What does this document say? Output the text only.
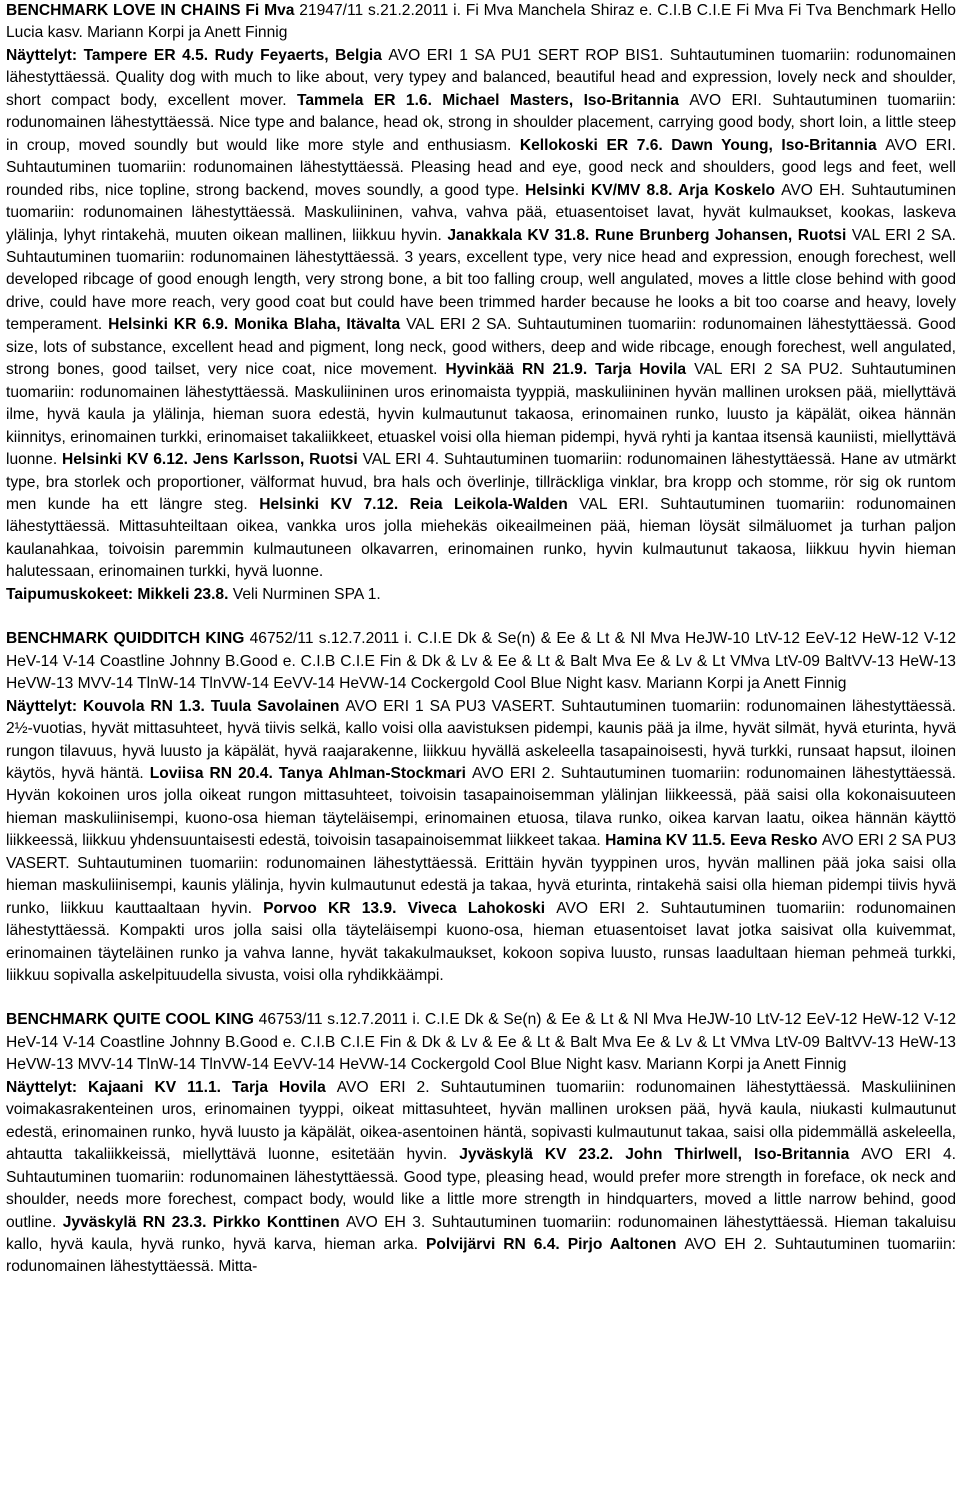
BENCHMARK LOVE IN CHAINS Fi Mva 21947/11 s.21.2.2011 i. Fi Mva Manchela Shiraz e. C.I.B C.I.E Fi Mva Fi Tva Benchmark Hello Lucia kasv. Mariann Korpi ja Anett Finnig

Näyttelyt: Tampere ER 4.5. Rudy Feyaerts, Belgia AVO ERI 1 SA PU1 SERT ROP BIS1. Suhtautuminen tuomariin: rodunomainen lähestyttäessä. Quality dog with much to like about, very typey and balanced, beautiful head and expression, lovely neck and shoulder, short compact body, excellent mover. Tammela ER 1.6. Michael Masters, Iso-Britannia AVO ERI. Suhtautuminen tuomariin: rodunomainen lähestyttäessä. Nice type and balance, head ok, strong in shoulder placement, carrying good body, short loin, a little steep in croup, moved soundly but would like more style and enthusiasm. Kellokoski ER 7.6. Dawn Young, Iso-Britannia AVO ERI. Suhtautuminen tuomariin: rodunomainen lähestyttäessä. Pleasing head and eye, good neck and shoulders, good legs and feet, well rounded ribs, nice topline, strong backend, moves soundly, a good type. Helsinki KV/MV 8.8. Arja Koskelo AVO EH. Suhtautuminen tuomariin: rodunomainen lähestyttäessä. Maskuliininen, vahva, vahva pää, etuasentoiset lavat, hyvät kulmaukset, kookas, laskeva ylälinja, lyhyt rintakehä, muuten oikean mallinen, liikkuu hyvin. Janakkala KV 31.8. Rune Brunberg Johansen, Ruotsi VAL ERI 2 SA. Suhtautuminen tuomariin: rodunomainen lähestyttäessä. 3 years, excellent type, very nice head and expression, enough forechest, well developed ribcage of good enough length, very strong bone, a bit too falling croup, well angulated, moves a little close behind with good drive, could have more reach, very good coat but could have been trimmed harder because he looks a bit too coarse and heavy, lovely temperament. Helsinki KR 6.9. Monika Blaha, Itävalta VAL ERI 2 SA. Suhtautuminen tuomariin: rodunomainen lähestyttäessä. Good size, lots of substance, excellent head and pigment, long neck, good withers, deep and wide ribcage, enough forechest, well angulated, strong bones, good tailset, very nice coat, nice movement. Hyvinkää RN 21.9. Tarja Hovila VAL ERI 2 SA PU2. Suhtautuminen tuomariin: rodunomainen lähestyttäessä. Maskuliininen uros erinomaista tyyppiä, maskuliininen hyvän mallinen uroksen pää, miellyttävä ilme, hyvä kaula ja ylälinja, hieman suora edestä, hyvin kulmautunut takaosa, erinomainen runko, luusto ja käpälät, oikea hännän kiinnitys, erinomainen turkki, erinomaiset takaliikkeet, etuaskel voisi olla hieman pidempi, hyvä ryhti ja kantaa itsensä kauniisti, miellyttävä luonne. Helsinki KV 6.12. Jens Karlsson, Ruotsi VAL ERI 4. Suhtautuminen tuomariin: rodunomainen lähestyttäessä. Hane av utmärkt type, bra storlek och proportioner, välformat huvud, bra hals och överlinje, tillräckliga vinklar, bra kropp och stomme, rör sig ok runtom men kunde ha ett längre steg. Helsinki KV 7.12. Reia Leikola-Walden VAL ERI. Suhtautuminen tuomariin: rodunomainen lähestyttäessä. Mittasuhteiltaan oikea, vankka uros jolla miehekäs oikeailmeinen pää, hieman löysät silmäluomet ja turhan paljon kaulanahkaa, toivoisin paremmin kulmautuneen olkavarren, erinomainen runko, hyvin kulmautunut takaosa, liikkuu hyvin hieman halutessaan, erinomainen turkki, hyvä luonne.

Taipumuskokeet: Mikkeli 23.8. Veli Nurminen SPA 1.

BENCHMARK QUIDDITCH KING 46752/11 s.12.7.2011 i. C.I.E Dk & Se(n) & Ee & Lt & Nl Mva HeJW-10 LtV-12 EeV-12 HeW-12 V-12 HeV-14 V-14 Coastline Johnny B.Good e. C.I.B C.I.E Fin & Dk & Lv & Ee & Lt & Balt Mva Ee & Lv & Lt VMva LtV-09 BaltVV-13 HeW-13 HeVW-13 MVV-14 TlnW-14 TlnVW-14 EeVV-14 HeVW-14 Cockergold Cool Blue Night kasv. Mariann Korpi ja Anett Finnig

Näyttelyt: Kouvola RN 1.3. Tuula Savolainen AVO ERI 1 SA PU3 VASERT. Suhtautuminen tuomariin: rodunomainen lähestyttäessä. 2½-vuotias, hyvät mittasuhteet, hyvä tiivis selkä, kallo voisi olla aavistuksen pidempi, kaunis pää ja ilme, hyvät silmät, hyvä eturinta, hyvä rungon tilavuus, hyvä luusto ja käpälät, hyvä raajarakenne, liikkuu hyvällä askeleella tasapainoisesti, hyvä turkki, runsaat hapsut, iloinen käytös, hyvä häntä. Loviisa RN 20.4. Tanya Ahlman-Stockmari AVO ERI 2. Suhtautuminen tuomariin: rodunomainen lähestyttäessä. Hyvän kokoinen uros jolla oikeat rungon mittasuhteet, toivoisin tasapainoisemman ylälinjan liikkeessä, pää saisi olla kokonaisuuteen hieman maskuliinisempi, kuono-osa hieman täyteläisempi, erinomainen etuosa, tilava runko, oikea karvan laatu, oikea hännän käyttö liikkeessä, liikkuu yhdensuuntaisesti edestä, toivoisin tasapainoisemmat liikkeet takaa. Hamina KV 11.5. Eeva Resko AVO ERI 2 SA PU3 VASERT. Suhtautuminen tuomariin: rodunomainen lähestyttäessä. Erittäin hyvän tyyppinen uros, hyvän mallinen pää joka saisi olla hieman maskuliinisempi, kaunis ylälinja, hyvin kulmautunut edestä ja takaa, hyvä eturinta, rintakehä saisi olla hieman pidempi tiivis hyvä runko, liikkuu kauttaaltaan hyvin. Porvoo KR 13.9. Viveca Lahokoski AVO ERI 2. Suhtautuminen tuomariin: rodunomainen lähestyttäessä. Kompakti uros jolla saisi olla täyteläisempi kuono-osa, hieman etuasentoiset lavat jotka saisivat olla kuivemmat, erinomainen täyteläinen runko ja vahva lanne, hyvät takakulmaukset, kokoon sopiva luusto, runsas laadultaan hieman pehmeä turkki, liikkuu sopivalla askelpituudella sivusta, voisi olla ryhdikkäämpi.

BENCHMARK QUITE COOL KING 46753/11 s.12.7.2011 i. C.I.E Dk & Se(n) & Ee & Lt & Nl Mva HeJW-10 LtV-12 EeV-12 HeW-12 V-12 HeV-14 V-14 Coastline Johnny B.Good e. C.I.B C.I.E Fin & Dk & Lv & Ee & Lt & Balt Mva Ee & Lv & Lt VMva LtV-09 BaltVV-13 HeW-13 HeVW-13 MVV-14 TlnW-14 TlnVW-14 EeVV-14 HeVW-14 Cockergold Cool Blue Night kasv. Mariann Korpi ja Anett Finnig

Näyttelyt: Kajaani KV 11.1. Tarja Hovila AVO ERI 2. Suhtautuminen tuomariin: rodunomainen lähestyttäessä. Maskuliininen voimakasrakenteinen uros, erinomainen tyyppi, oikeat mittasuhteet, hyvän mallinen uroksen pää, hyvä kaula, niukasti kulmautunut edestä, erinomainen runko, hyvä luusto ja käpälät, oikea-asentoinen häntä, sopivasti kulmautunut takaa, saisi olla pidemmällä askeleella, ahtautta takaliikkeissä, miellyttävä luonne, esitetään hyvin. Jyväskylä KV 23.2. John Thirlwell, Iso-Britannia AVO ERI 4. Suhtautuminen tuomariin: rodunomainen lähestyttäessä. Good type, pleasing head, would prefer more strength in foreface, ok neck and shoulder, needs more forechest, compact body, would like a little more strength in hindquarters, moved a little narrow behind, good outline. Jyväskylä RN 23.3. Pirkko Konttinen AVO EH 3. Suhtautuminen tuomariin: rodunomainen lähestyttäessä. Hieman takaluisu kallo, hyvä kaula, hyvä runko, hyvä karva, hieman arka. Polvijärvi RN 6.4. Pirjo Aaltonen AVO EH 2. Suhtautuminen tuomariin: rodunomainen lähestyttäessä. Mitta-
